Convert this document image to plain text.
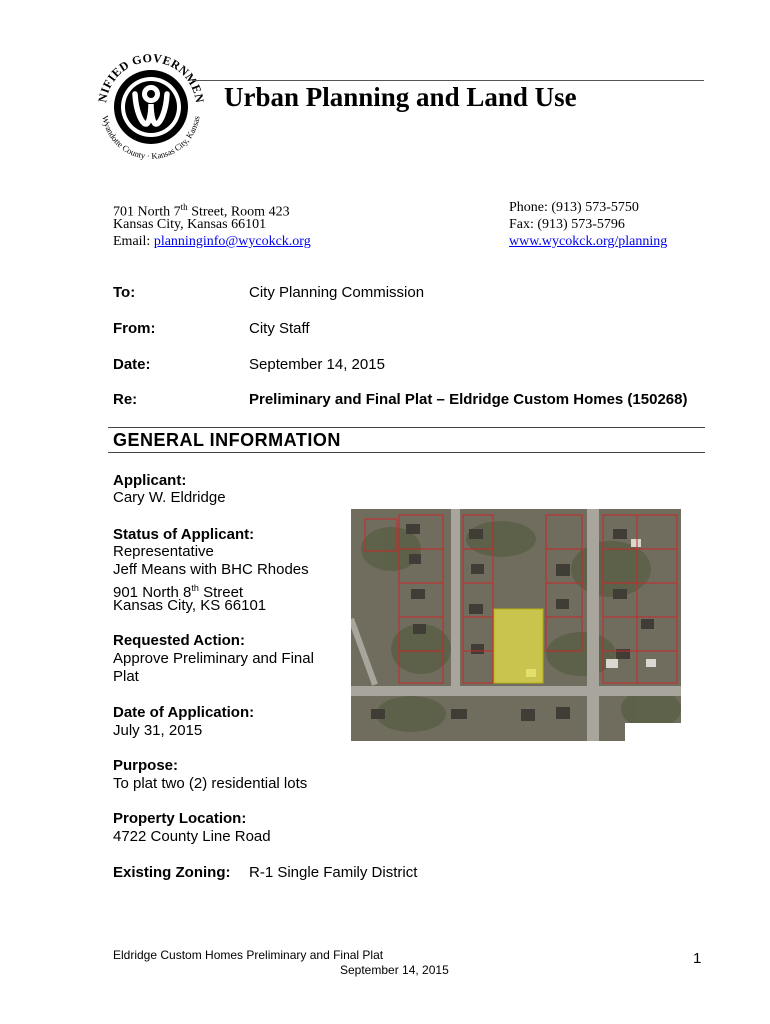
NIFIED GOVERNMEN
Wyandotte County · Kansas City, Kansas
Urban Planning and Land Use
701 North 7th Street, Room 423
Kansas City, Kansas 66101
Email: planninginfo@wycokck.org
Phone: (913) 573-5750
Fax: (913) 573-5796
www.wycokck.org/planning
To:	City Planning Commission
From:	City Staff
Date:	September 14, 2015
Re:	Preliminary and Final Plat – Eldridge Custom Homes (150268)
GENERAL INFORMATION
Applicant:
Cary W. Eldridge
Status of Applicant:
Representative
Jeff Means with BHC Rhodes
901 North 8th Street
Kansas City, KS 66101
Requested Action:
Approve Preliminary and Final
Plat
Date of Application:
July 31, 2015
Purpose:
To plat two (2) residential lots
Property Location:
4722 County Line Road
Existing Zoning: R-1 Single Family District
Eldridge Custom Homes Preliminary and Final Plat
September 14, 2015
1
